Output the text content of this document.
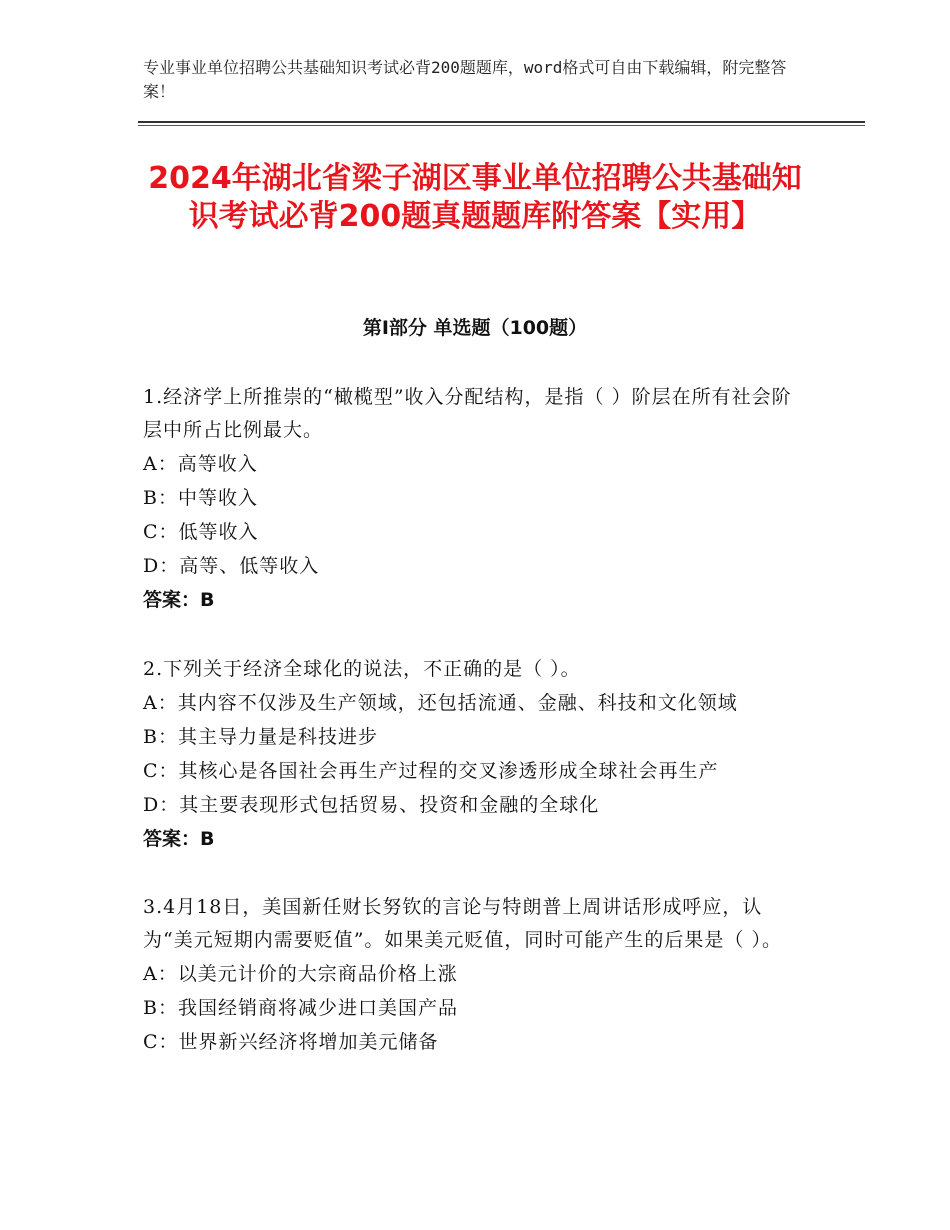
专业事业单位招聘公共基础知识考试必背200题题库，word格式可自由下载编辑，附完整答案！
2024年湖北省梁子湖区事业单位招聘公共基础知识考试必背200题真题题库附答案【实用】
第Ⅰ部分 单选题（100题）
1.经济学上所推崇的“橄榄型”收入分配结构，是指（ ）阶层在所有社会阶层中所占比例最大。
A：高等收入
B：中等收入
C：低等收入
D：高等、低等收入
答案：B
2.下列关于经济全球化的说法，不正确的是（ ）。
A：其内容不仅涉及生产领域，还包括流通、金融、科技和文化领域
B：其主导力量是科技进步
C：其核心是各国社会再生产过程的交叉渗透形成全球社会再生产
D：其主要表现形式包括贸易、投资和金融的全球化
答案：B
3.4月18日，美国新任财长努钦的言论与特朗普上周讲话形成呼应，认为“美元短期内需要贬值”。如果美元贬值，同时可能产生的后果是（ ）。
A：以美元计价的大宗商品价格上涨
B：我国经销商将减少进口美国产品
C：世界新兴经济将增加美元储备
